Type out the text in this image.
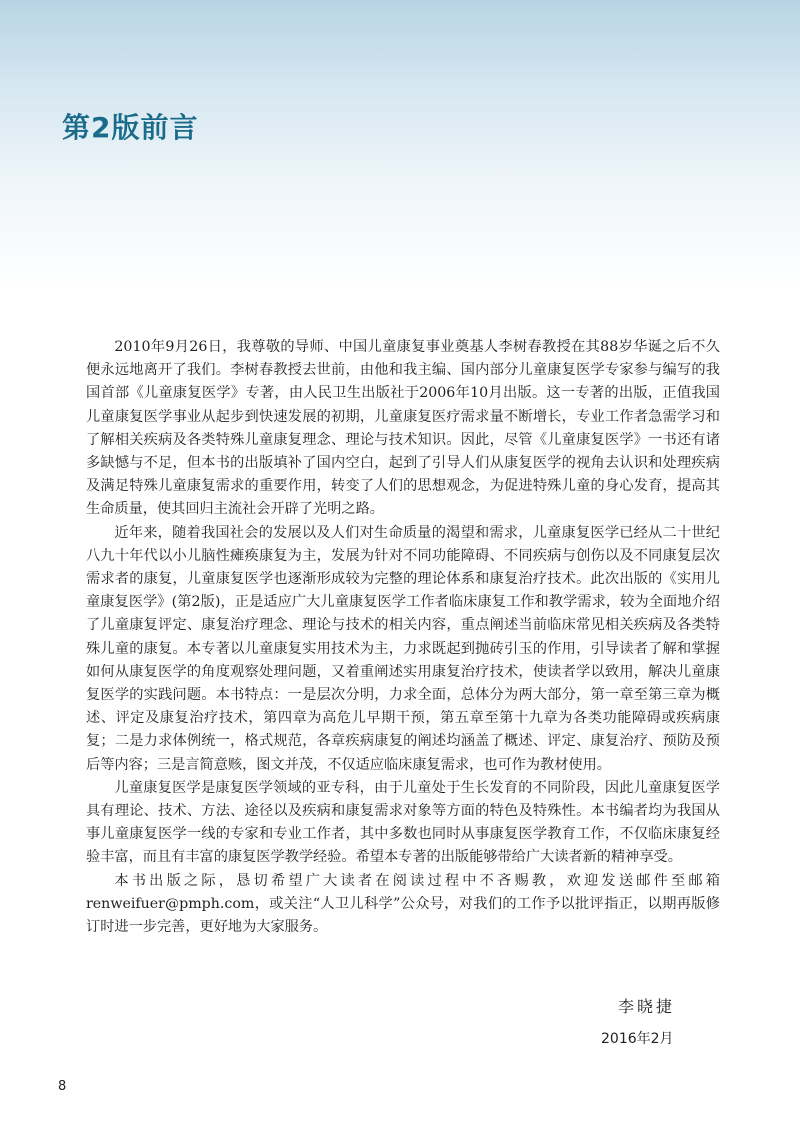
第2版前言

2010年9月26日，我尊敬的导师、中国儿童康复事业奠基人李树春教授在其88岁华诞之后不久便永远地离开了我们。李树春教授去世前，由他和我主编、国内部分儿童康复医学专家参与编写的我国首部《儿童康复医学》专著，由人民卫生出版社于2006年10月出版。这一专著的出版，正值我国儿童康复医学事业从起步到快速发展的初期，儿童康复医疗需求量不断增长，专业工作者急需学习和了解相关疾病及各类特殊儿童康复理念、理论与技术知识。因此，尽管《儿童康复医学》一书还有诸多缺憾与不足，但本书的出版填补了国内空白，起到了引导人们从康复医学的视角去认识和处理疾病及满足特殊儿童康复需求的重要作用，转变了人们的思想观念，为促进特殊儿童的身心发育，提高其生命质量，使其回归主流社会开辟了光明之路。

近年来，随着我国社会的发展以及人们对生命质量的渴望和需求，儿童康复医学已经从二十世纪八九十年代以小儿脑性瘫痪康复为主，发展为针对不同功能障碍、不同疾病与创伤以及不同康复层次需求者的康复，儿童康复医学也逐渐形成较为完整的理论体系和康复治疗技术。此次出版的《实用儿童康复医学》(第2版)，正是适应广大儿童康复医学工作者临床康复工作和教学需求，较为全面地介绍了儿童康复评定、康复治疗理念、理论与技术的相关内容，重点阐述当前临床常见相关疾病及各类特殊儿童的康复。本专著以儿童康复实用技术为主，力求既起到抛砖引玉的作用，引导读者了解和掌握如何从康复医学的角度观察处理问题，又着重阐述实用康复治疗技术，使读者学以致用，解决儿童康复医学的实践问题。本书特点：一是层次分明，力求全面，总体分为两大部分，第一章至第三章为概述、评定及康复治疗技术，第四章为高危儿早期干预，第五章至第十九章为各类功能障碍或疾病康复；二是力求体例统一，格式规范，各章疾病康复的阐述均涵盖了概述、评定、康复治疗、预防及预后等内容；三是言简意赅，图文并茂，不仅适应临床康复需求，也可作为教材使用。

儿童康复医学是康复医学领域的亚专科，由于儿童处于生长发育的不同阶段，因此儿童康复医学具有理论、技术、方法、途径以及疾病和康复需求对象等方面的特色及特殊性。本书编者均为我国从事儿童康复医学一线的专家和专业工作者，其中多数也同时从事康复医学教育工作，不仅临床康复经验丰富，而且有丰富的康复医学教学经验。希望本专著的出版能够带给广大读者新的精神享受。

本书出版之际，恳切希望广大读者在阅读过程中不吝赐教，欢迎发送邮件至邮箱renweifuer@pmph.com，或关注“人卫儿科学”公众号，对我们的工作予以批评指正，以期再版修订时进一步完善，更好地为大家服务。

李晓捷
2016年2月
8
